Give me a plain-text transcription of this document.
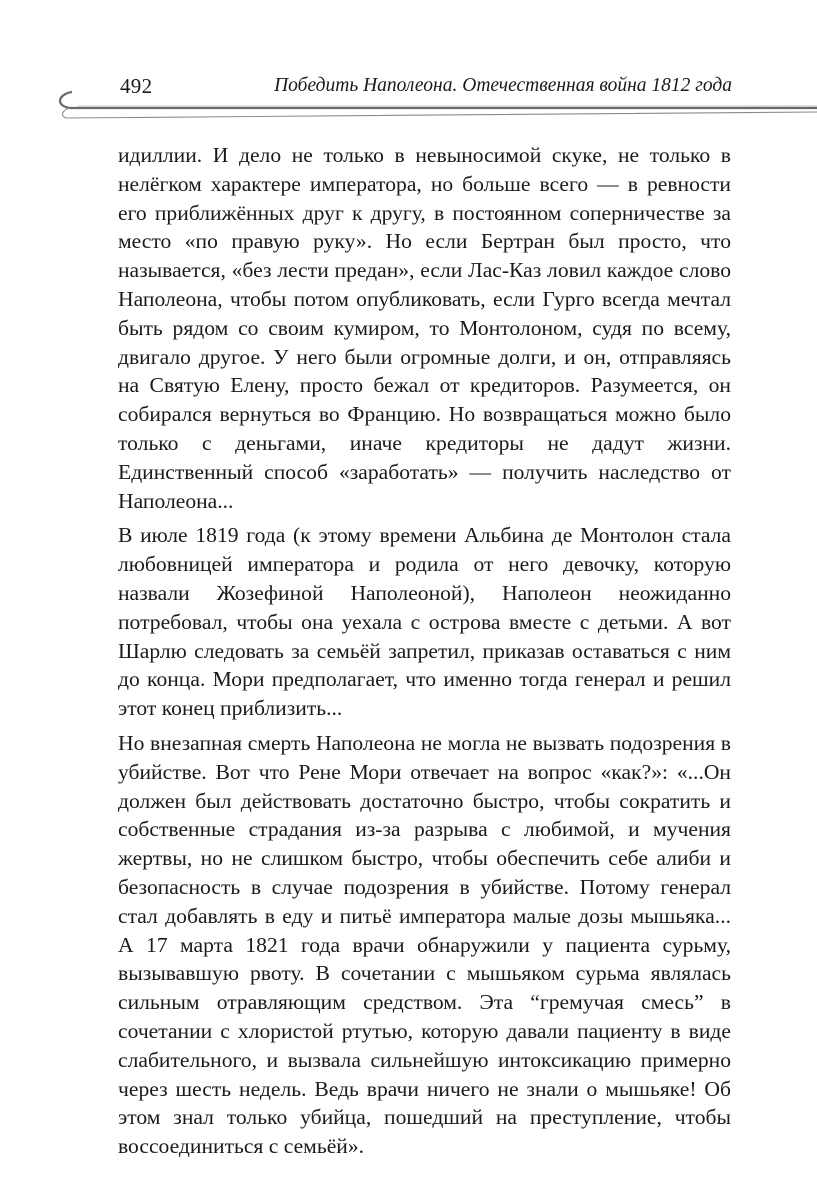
492	Победить Наполеона. Отечественная война 1812 года

идиллии. И дело не только в невыносимой скуке, не только в нелёгком характере императора, но больше всего — в ревности его приближённых друг к другу, в постоянном соперничестве за место «по правую руку». Но если Бертран был просто, что называется, «без лести предан», если Лас-Каз ловил каждое слово Наполеона, чтобы потом опубликовать, если Гурго всегда мечтал быть рядом со своим кумиром, то Монтолоном, судя по всему, двигало другое. У него были огромные долги, и он, отправляясь на Святую Елену, просто бежал от кредиторов. Разумеется, он собирался вернуться во Францию. Но возвращаться можно было только с деньгами, иначе кредиторы не дадут жизни. Единственный способ «заработать» — получить наследство от Наполеона...

В июле 1819 года (к этому времени Альбина де Монтолон стала любовницей императора и родила от него девочку, которую назвали Жозефиной Наполеоной), Наполеон неожиданно потребовал, чтобы она уехала с острова вместе с детьми. А вот Шарлю следовать за семьёй запретил, приказав оставаться с ним до конца. Мори предполагает, что именно тогда генерал и решил этот конец приблизить...

Но внезапная смерть Наполеона не могла не вызвать подозрения в убийстве. Вот что Рене Мори отвечает на вопрос «как?»: «...Он должен был действовать достаточно быстро, чтобы сократить и собственные страдания из-за разрыва с любимой, и мучения жертвы, но не слишком быстро, чтобы обеспечить себе алиби и безопасность в случае подозрения в убийстве. Потому генерал стал добавлять в еду и питьё императора малые дозы мышьяка... А 17 марта 1821 года врачи обнаружили у пациента сурьму, вызывавшую рвоту. В сочетании с мышьяком сурьма являлась сильным отравляющим средством. Эта “гремучая смесь” в сочетании с хлористой ртутью, которую давали пациенту в виде слабительного, и вызвала сильнейшую интоксикацию примерно через шесть недель. Ведь врачи ничего не знали о мышьяке! Об этом знал только убийца, пошедший на преступление, чтобы воссоединиться с семьёй».
